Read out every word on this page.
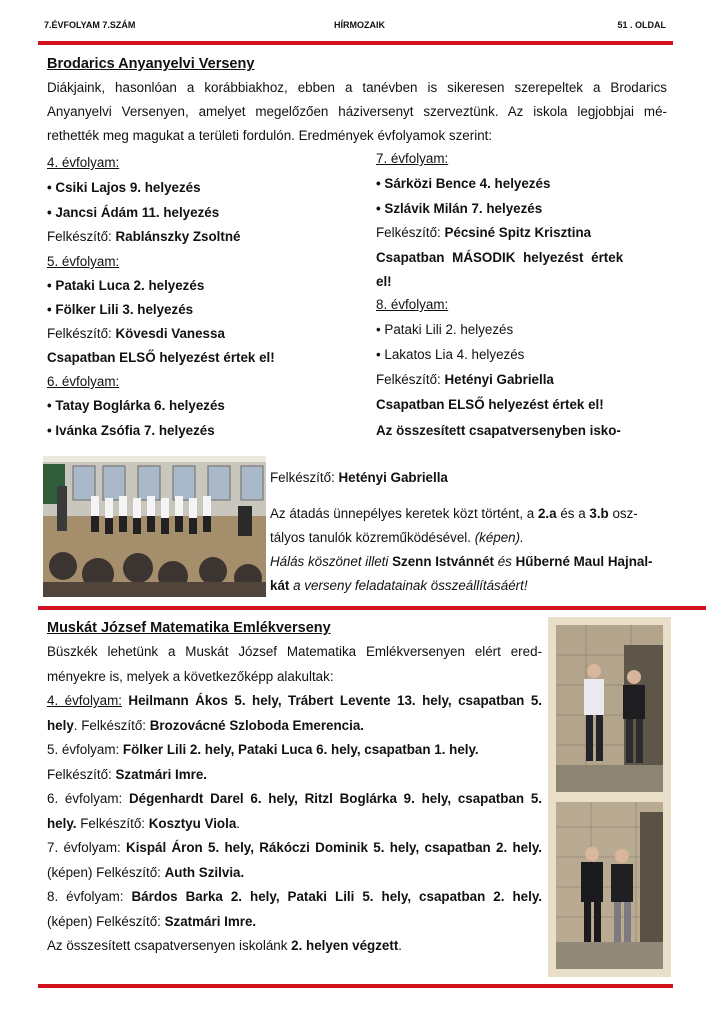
7.ÉVFOLYAM 7.SZÁM	HÍRMOZAIK	51 . OLDAL
Brodarics Anyanyelvi Verseny
Diákjaink, hasonlóan a korábbiakhoz, ebben a tanévben is sikeresen szerepeltek a Brodarics
Anyanyelvi Versenyen, amelyet megelőzően háziversenyt szerveztünk. Az iskola legjobbjai mé-
rethették meg magukat a területi fordulón. Eredmények évfolyamok szerint:
4. évfolyam:
• Csiki Lajos 9. helyezés
• Jancsi Ádám 11. helyezés
Felkészítő: Rablánszky Zsoltné
5. évfolyam:
• Pataki Luca 2. helyezés
• Fölker Lili 3. helyezés
Felkészítő: Kövesdi Vanessa
Csapatban ELSŐ helyezést értek el!
6. évfolyam:
• Tatay Boglárka 6. helyezés
• Ivánka Zsófia 7. helyezés
7. évfolyam:
• Sárközi Bence 4. helyezés
• Szlávik Milán 7. helyezés
Felkészítő: Pécsiné Spitz Krisztina
Csapatban MÁSODIK helyezést értek
el!
8. évfolyam:
• Pataki Lili 2. helyezés
• Lakatos Lia 4. helyezés
Felkészítő: Hetényi Gabriella
Csapatban ELSŐ helyezést értek el!
Az összesített csapatversenyben isko-
Felkészítő: Hetényi Gabriella
Az átadás ünnepélyes keretek közt történt, a 2.a és a 3.b osz-
tályos tanulók közreműködésével. (képen).
Hálás köszönet illeti Szenn Istvánnét és Hűberné Maul Hajnal-
kát a verseny feladatainak összeállításáért!
Muskát József Matematika Emlékverseny
Büszkék lehetünk a Muskát József Matematika Emlékversenyen elért ered-
ményekre is, melyek a következőképp alakultak:
4. évfolyam: Heilmann Ákos 5. hely, Trábert Levente 13. hely, csapatban 5.
hely. Felkészítő: Brozovácné Szloboda Emerencia.
5. évfolyam: Fölker Lili 2. hely, Pataki Luca 6. hely, csapatban 1. hely.
Felkészítő: Szatmári Imre.
6. évfolyam: Dégenhardt Darel 6. hely, Ritzl Boglárka 9. hely, csapatban 5.
hely. Felkészítő: Kosztyu Viola.
7. évfolyam: Kispál Áron 5. hely, Rákóczi Dominik 5. hely, csapatban 2. hely.
(képen) Felkészítő: Auth Szilvia.
8. évfolyam: Bárdos Barka 2. hely, Pataki Lili 5. hely, csapatban 2. hely.
(képen) Felkészítő: Szatmári Imre.
Az összesített csapatversenyen iskolánk 2. helyen végzett.
